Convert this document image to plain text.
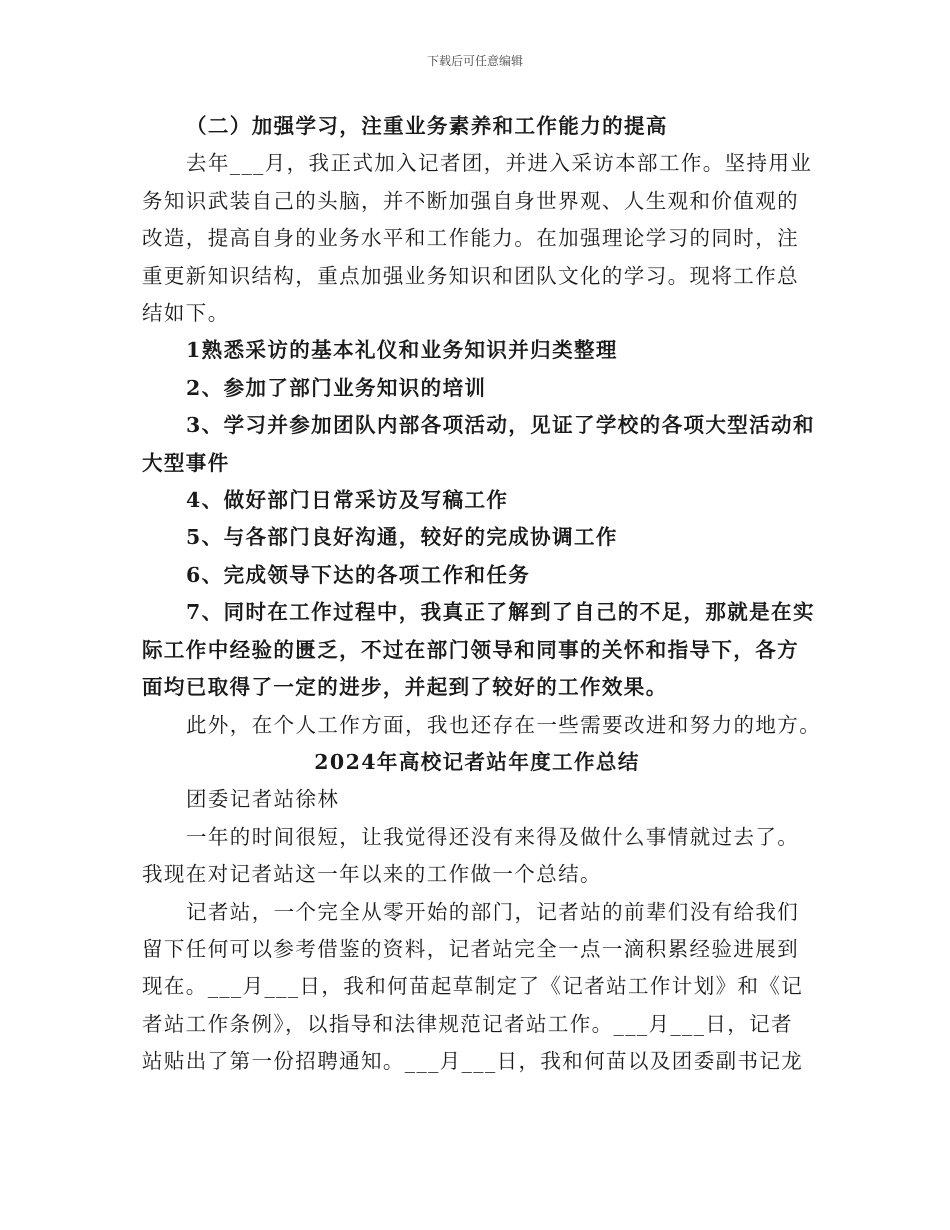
下载后可任意编辑
（二）加强学习，注重业务素养和工作能力的提高
去年___月，我正式加入记者团，并进入采访本部工作。坚持用业
务知识武装自己的头脑，并不断加强自身世界观、人生观和价值观的
改造，提高自身的业务水平和工作能力。在加强理论学习的同时，注
重更新知识结构，重点加强业务知识和团队文化的学习。现将工作总
结如下。
1熟悉采访的基本礼仪和业务知识并归类整理
2、参加了部门业务知识的培训
3、学习并参加团队内部各项活动，见证了学校的各项大型活动和
大型事件
4、做好部门日常采访及写稿工作
5、与各部门良好沟通，较好的完成协调工作
6、完成领导下达的各项工作和任务
7、同时在工作过程中，我真正了解到了自己的不足，那就是在实
际工作中经验的匮乏，不过在部门领导和同事的关怀和指导下，各方
面均已取得了一定的进步，并起到了较好的工作效果。
此外，在个人工作方面，我也还存在一些需要改进和努力的地方。
2024年高校记者站年度工作总结
团委记者站徐林
一年的时间很短，让我觉得还没有来得及做什么事情就过去了。
我现在对记者站这一年以来的工作做一个总结。
记者站，一个完全从零开始的部门，记者站的前辈们没有给我们
留下任何可以参考借鉴的资料，记者站完全一点一滴积累经验进展到
现在。___月___日，我和何苗起草制定了《记者站工作计划》和《记
者站工作条例》，以指导和法律规范记者站工作。___月___日，记者
站贴出了第一份招聘通知。___月___日，我和何苗以及团委副书记龙
